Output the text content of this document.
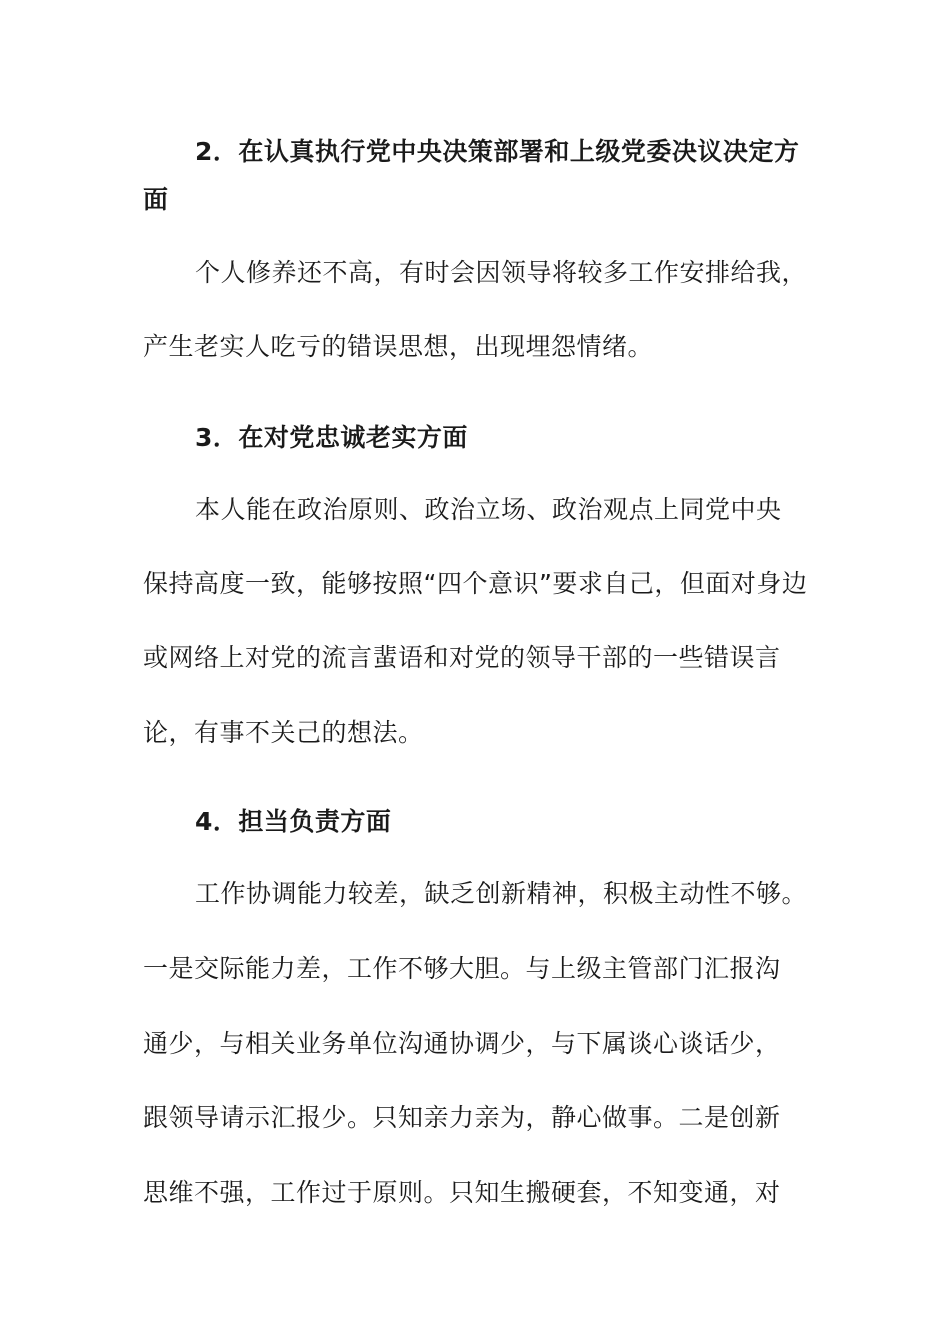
2．在认真执行党中央决策部署和上级党委决议决定方
面
个人修养还不高，有时会因领导将较多工作安排给我，
产生老实人吃亏的错误思想，出现埋怨情绪。
3．在对党忠诚老实方面
本人能在政治原则、政治立场、政治观点上同党中央
保持高度一致，能够按照“四个意识”要求自己，但面对身边
或网络上对党的流言蜚语和对党的领导干部的一些错误言
论，有事不关己的想法。
4．担当负责方面
工作协调能力较差，缺乏创新精神，积极主动性不够。
一是交际能力差，工作不够大胆。与上级主管部门汇报沟
通少，与相关业务单位沟通协调少，与下属谈心谈话少，
跟领导请示汇报少。只知亲力亲为，静心做事。二是创新
思维不强，工作过于原则。只知生搬硬套，不知变通，对
